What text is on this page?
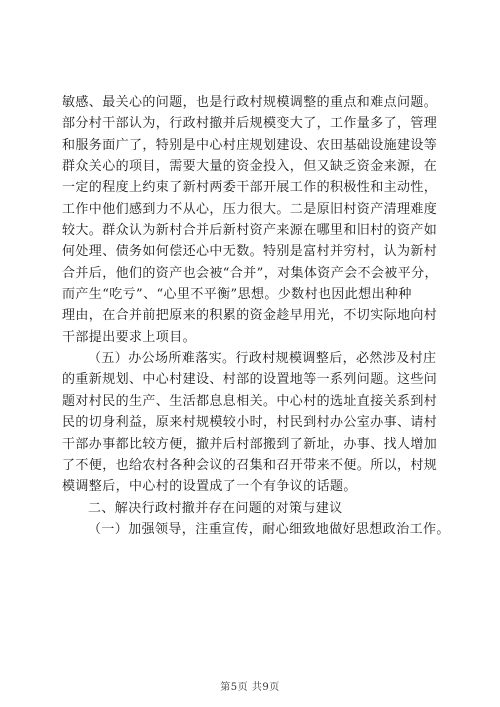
敏感、最关心的问题，也是行政村规模调整的重点和难点问题。
部分村干部认为，行政村撤并后规模变大了，工作量多了，管理
和服务面广了，特别是中心村庄规划建设、农田基础设施建设等
群众关心的项目，需要大量的资金投入，但又缺乏资金来源，在
一定的程度上约束了新村两委干部开展工作的积极性和主动性，
工作中他们感到力不从心，压力很大。二是原旧村资产清理难度
较大。群众认为新村合并后新村资产来源在哪里和旧村的资产如
何处理、债务如何偿还心中无数。特别是富村并穷村，认为新村
合并后，他们的资产也会被“合并”，对集体资产会不会被平分，
而产生“吃亏”、“心里不平衡”思想。少数村也因此想出种种
理由，在合并前把原来的积累的资金趁早用光，不切实际地向村
干部提出要求上项目。
（五）办公场所难落实。行政村规模调整后，必然涉及村庄
的重新规划、中心村建设、村部的设置地等一系列问题。这些问
题对村民的生产、生活都息息相关。中心村的选址直接关系到村
民的切身利益，原来村规模较小时，村民到村办公室办事、请村
干部办事都比较方便，撤并后村部搬到了新址，办事、找人增加
了不便，也给农村各种会议的召集和召开带来不便。所以，村规
模调整后，中心村的设置成了一个有争议的话题。
二、解决行政村撤并存在问题的对策与建议
（一）加强领导，注重宣传，耐心细致地做好思想政治工作。
第5页 共9页
